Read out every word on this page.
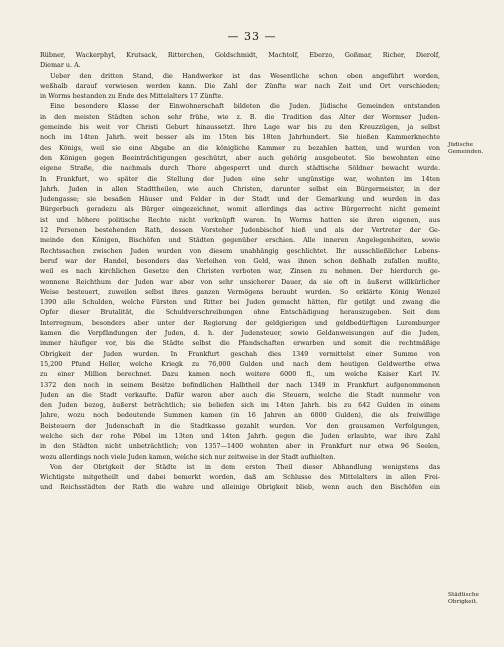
— 33 —
Rübner, Wackerphyl, Krutsack, Ritterchen, Goldschmidt, Machtolf, Eberzo, Goßmar, Richer, Dierolf,
Diemar u. A.
Ueber den dritten Stand, die Handwerker ist das Wesentliche schon oben angeführt worden,
weßhalb darauf verwiesen werden kann. Die Zahl der Zünfte war nach Zeit und Ort verschieden;
in Worms bestanden zu Ende des Mittelalters 17 Zünfte.
Eine besondere Klasse der Einwohnerschaft bildeten die Juden. Jüdische Gemeinden entstanden
in den meisten Städten schon sehr frühe, wie z. B. die Tradition das Alter der Wormser Juden-
gemeinde bis weit vor Christi Geburt hinaussetzt. Ihre Lage war bis zu den Kreuzzügen, ja selbst
noch im 14ten Jahrh. weit besser als im 15ten bis 18ten Jahrhundert. Sie hießen Kammerknechte
des Königs, weil sie eine Abgabe an die königliche Kammer zu bezahlen hatten, und wurden von
den Königen gegen Beeinträchtigungen geschützt, aber auch gehörig ausgebeutet. Sie bewohnten eine
eigene Straße, die nachmals durch Thore abgesperrt und durch städtische Söldner bewacht wurde.
In Frankfurt, wo später die Stellung der Juden eine sehr ungünstige war, wohnten im 14ten
Jahrh. Juden in allen Stadttheilen, wie auch Christen, darunter selbst ein Bürgermeister, in der
Judengasse; sie besaßen Häuser und Felder in der Stadt und der Gemarkung und wurden in das
Bürgerbuch geradezu als Bürger eingezeichnet, womit allerdings das active Bürgerrecht nicht gemeint
ist und höhere politische Rechte nicht verknüpft waren. In Worms hatten sie ihren eigenen, aus
12 Personen bestehenden Rath, dessen Vorsteher Judenbischof hieß und als der Vertreter der Ge-
meinde den Königen, Bischöfen und Städten gegenüber erschien. Alle inneren Angelegenheiten, sowie
Rechtssachen zwischen Juden wurden von diesem unabhängig geschlichtet. Ihr ausschließlicher Lebens-
beruf war der Handel, besonders das Verleihen von Geld, was ihnen schon deßhalb zufallen mußte,
weil es nach kirchlichen Gesetze den Christen verboten war, Zinsen zu nehmen. Der hierdurch ge-
wonnene Reichthum der Juden war aber von sehr unsicherer Dauer, da sie oft in äußerst willkürlicher
Weise besteuert, zuweilen selbst ihres ganzen Vermögens beraubt wurden. So erklärte König Wenzel
1390 alle Schulden, welche Fürsten und Ritter bei Juden gemacht hätten, für getilgt und zwang die
Opfer dieser Brutalität, die Schuldverschreibungen ohne Entschädigung herauszugeben. Seit dem
Interregnum, besonders aber unter der Regierung der geldgierigen und geldbedürftigen Luremburger
kamen die Verpfändungen der Juden, d. h. der Judensteuer, sowie Geldanweisungen auf die Juden,
immer häufiger vor, bis die Städte selbst die Pfandschaften erwarben und somit die rechtmäßige
Obrigkeit der Juden wurden. In Frankfurt geschah dies 1349 vermittelst einer Summe von
15,200 Pfund Heller, welche Kriegk zu 76,000 Gulden und nach dem heutigen Geldwerthe etwa
zu einer Million berechnet. Dazu kamen noch weitere 6000 fl., um welche Kaiser Karl IV.
1372 den noch in seinem Besitze befindlichen Halbtheil der nach 1349 in Frankfurt aufgenommenen
Juden an die Stadt verkaufte. Dafür waren aber auch die Steuern, welche die Stadt nunmehr von
den Juden bezog, äußerst beträchtlich; sie beliefen sich im 14ten Jahrh. bis zu 642 Gulden in einem
Jahre, wozu noch bedeutende Summen kamen (in 16 Jahren an 6000 Gulden), die als freiwillige
Beisteuern der Judenschaft in die Stadtkasse gezahlt wurden. Vor den grausamen Verfolgungen,
welche sich der rohe Pöbel im 13ten und 14ten Jahrh. gegen die Juden erlaubte, war ihre Zahl
in den Städten nicht unbeträchtlich; von 1357—1400 wohnten aber in Frankfurt nur etwa 96 Seelen,
wozu allerdings noch viele Juden kamen, welche sich nur zeitweise in der Stadt aufhielten.
Von der Obrigkeit der Städte ist in dem ersten Theil dieser Abhandlung wenigstens das
Wichtigste mitgetheilt und dabei bemerkt worden, daß am Schlusse des Mittelalters in allen Frei-
und Reichsstädten der Rath die wahre und alleinige Obrigkeit blieb, wenn auch den Bischöfen ein
Jüdische Gemeinden.
Städtische Obrigkeit.
